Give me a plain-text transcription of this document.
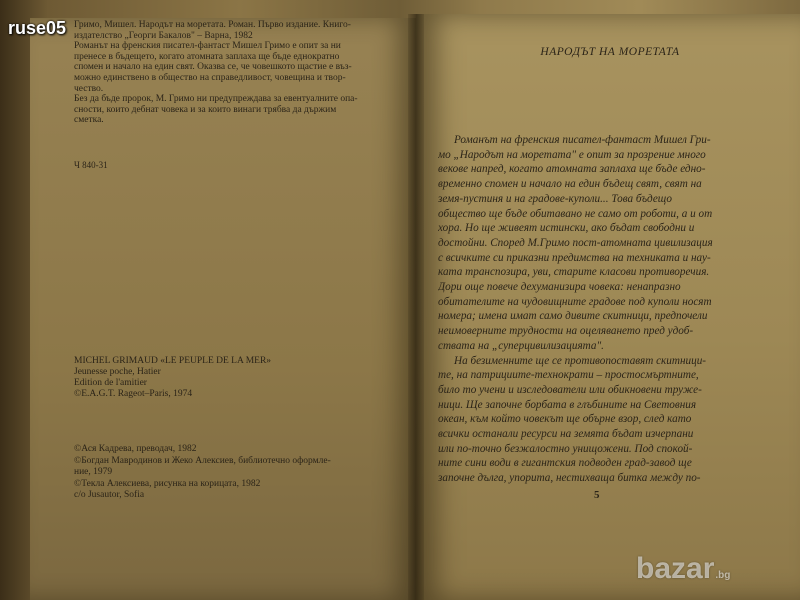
Гримо, Мишел. Народът на моретата. Роман. Първо издание. Книго-
издателство „Георги Бакалов" – Варна, 1982
Романът на френския писател-фантаст Мишел Гримо е опит за ни
пренесе в бъдещето, когато атомната заплаха ще бъде еднократно
спомен и начало на един свят. Оказва се, че човешкото щастие е въз-
можно единствено в общество на справедливост, човещина и твор-
чество.
Без да бъде пророк, М. Гримо ни предупреждава за евентуалните опа-
сности, които дебнат човека и за които винаги трябва да държим
сметка.
Ч 840-31
MICHEL GRIMAUD «LE PEUPLE DE LA MER»
Jeunesse poche, Hatier
Edition de l'amitier
©E.A.G.T. Rageot–Paris, 1974
©Ася Кадрева, преводач, 1982
©Богдан Мавродинов и Жеко Алексиев, библиотечно оформле-
ние, 1979
©Текла Алексиева, рисунка на корицата, 1982
c/o Jusautor, Sofia
НАРОДЪТ НА МОРЕТАТА
Романът на френския писател-фантаст Мишел Гри-
мо „Народът на моретата" е опит за прозрение много
векове напред, когато атомната заплаха ще бъде едно-
временно спомен и начало на един бъдещ свят, свят на
земя-пустиня и на градове-куполи... Това бъдещо
общество ще бъде обитавано не само от роботи, а и от
хора. Но ще живеят истински, ако бъдат свободни и
достойни. Според М.Гримо пост-атомната цивилизация
с всичките си приказни предимства на техниката и нау-
ката транспозира, уви, старите класови противоречия.
Дори още повече дехуманизира човека: ненапразно
обитателите на чудовищните градове под куполи носят
номера; имена имат само дивите скитници, предпочели
неимоверните трудности на оцеляването пред удоб-
ствата на „суперцивилизацията".
На безименните ще се противопоставят скитници-
те, на патрициите-технократи – простосмъртните,
било то учени и изследователи или обикновени труже-
ници. Ще започне борбата в глъбините на Световния
океан, към който човекът ще обърне взор, след като
всички останали ресурси на земята бъдат изчерпани
или по-точно безжалостно унищожени. Под спокой-
ните сини води в гигантския подводен град-завод ще
започне дълга, упорита, нестихваща битка между по-
5
ruse05
bazar .bg
